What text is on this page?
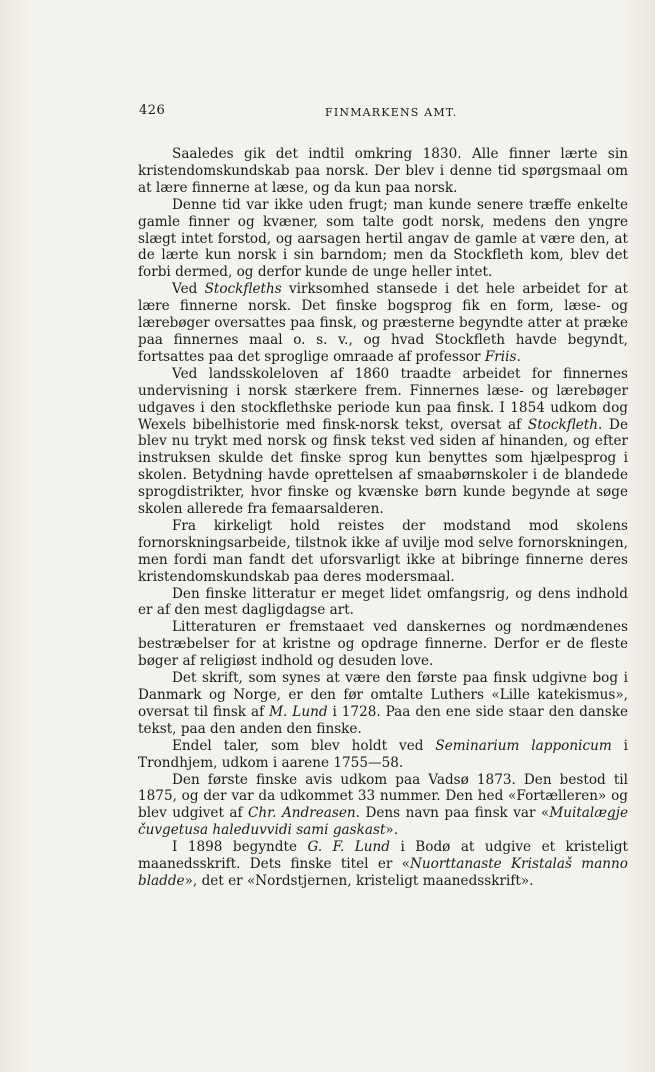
426	FINMARKENS AMT.

Saaledes gik det indtil omkring 1830. Alle finner lærte sin kristendomskundskab paa norsk. Der blev i denne tid spørgsmaal om at lære finnerne at læse, og da kun paa norsk.

Denne tid var ikke uden frugt; man kunde senere træffe enkelte gamle finner og kvæner, som talte godt norsk, medens den yngre slægt intet forstod, og aarsagen hertil angav de gamle at være den, at de lærte kun norsk i sin barndom; men da Stockfleth kom, blev det forbi dermed, og derfor kunde de unge heller intet.

Ved Stockfleths virksomhed stansede i det hele arbeidet for at lære finnerne norsk. Det finske bogsprog fik en form, læse- og lærebøger oversattes paa finsk, og præsterne begyndte atter at præke paa finnernes maal o. s. v., og hvad Stockfleth havde begyndt, fortsattes paa det sproglige omraade af professor Friis.

Ved landsskoleloven af 1860 traadte arbeidet for finnernes undervisning i norsk stærkere frem. Finnernes læse- og lærebøger udgaves i den stockflethske periode kun paa finsk. I 1854 udkom dog Wexels bibelhistorie med finsk-norsk tekst, oversat af Stockfleth. De blev nu trykt med norsk og finsk tekst ved siden af hinanden, og efter instruksen skulde det finske sprog kun benyttes som hjælpesprog i skolen. Betydning havde oprettelsen af smaabørnskoler i de blandede sprogdistrikter, hvor finske og kvænske børn kunde begynde at søge skolen allerede fra femaarsalderen.

Fra kirkeligt hold reistes der modstand mod skolens fornorskningsarbeide, tilstnok ikke af uvilje mod selve fornorskningen, men fordi man fandt det uforsvarligt ikke at bibringe finnerne deres kristendomskundskab paa deres modersmaal.

Den finske litteratur er meget lidet omfangsrig, og dens indhold er af den mest dagligdagse art.

Litteraturen er fremstaaet ved danskernes og nordmændenes bestræbelser for at kristne og opdrage finnerne. Derfor er de fleste bøger af religiøst indhold og desuden love.

Det skrift, som synes at være den første paa finsk udgivne bog i Danmark og Norge, er den før omtalte Luthers «Lille katekismus», oversat til finsk af M. Lund i 1728. Paa den ene side staar den danske tekst, paa den anden den finske.

Endel taler, som blev holdt ved Seminarium lapponicum i Trondhjem, udkom i aarene 1755—58.

Den første finske avis udkom paa Vadsø 1873. Den bestod til 1875, og der var da udkommet 33 nummer. Den hed «Fortælleren» og blev udgivet af Chr. Andreasen. Dens navn paa finsk var «Muitalægje čuvgetusa haleduvvidi sami gaskast».

I 1898 begyndte G. F. Lund i Bodø at udgive et kristeligt maanedsskrift. Dets finske titel er «Nuorttanaste Kristalaš manno bladde», det er «Nordstjernen, kristeligt maanedsskrift».
